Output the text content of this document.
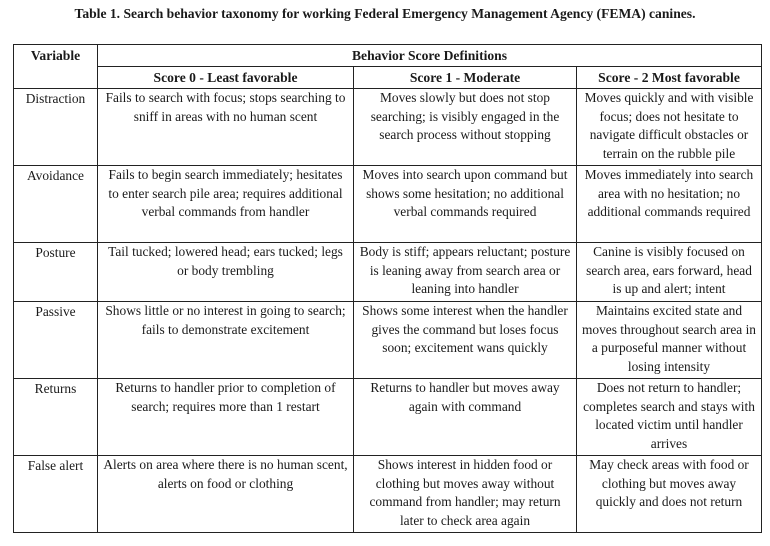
Table 1. Search behavior taxonomy for working Federal Emergency Management Agency (FEMA) canines.
Variable	Behavior Score Definitions		
	Score 0 - Least favorable	Score 1 - Moderate	Score - 2 Most favorable
Distraction	Fails to search with focus; stops searching to sniff in areas with no human scent	Moves slowly but does not stop searching; is visibly engaged in the search process without stopping	Moves quickly and with visible focus; does not hesitate to navigate difficult obstacles or terrain on the rubble pile
Avoidance	Fails to begin search immediately; hesitates to enter search pile area; requires additional verbal commands from handler	Moves into search upon command but shows some hesitation; no additional verbal commands required	Moves immediately into search area with no hesitation; no additional commands required
Posture	Tail tucked; lowered head; ears tucked; legs or body trembling	Body is stiff; appears reluctant; posture is leaning away from search area or leaning into handler	Canine is visibly focused on search area, ears forward, head is up and alert; intent
Passive	Shows little or no interest in going to search; fails to demonstrate excitement	Shows some interest when the handler gives the command but loses focus soon; excitement wans quickly	Maintains excited state and moves throughout search area in a purposeful manner without losing intensity
Returns	Returns to handler prior to completion of search; requires more than 1 restart	Returns to handler but moves away again with command	Does not return to handler; completes search and stays with located victim until handler arrives
False alert	Alerts on area where there is no human scent, alerts on food or clothing	Shows interest in hidden food or clothing but moves away without command from handler; may return later to check area again	May check areas with food or clothing but moves away quickly and does not return
